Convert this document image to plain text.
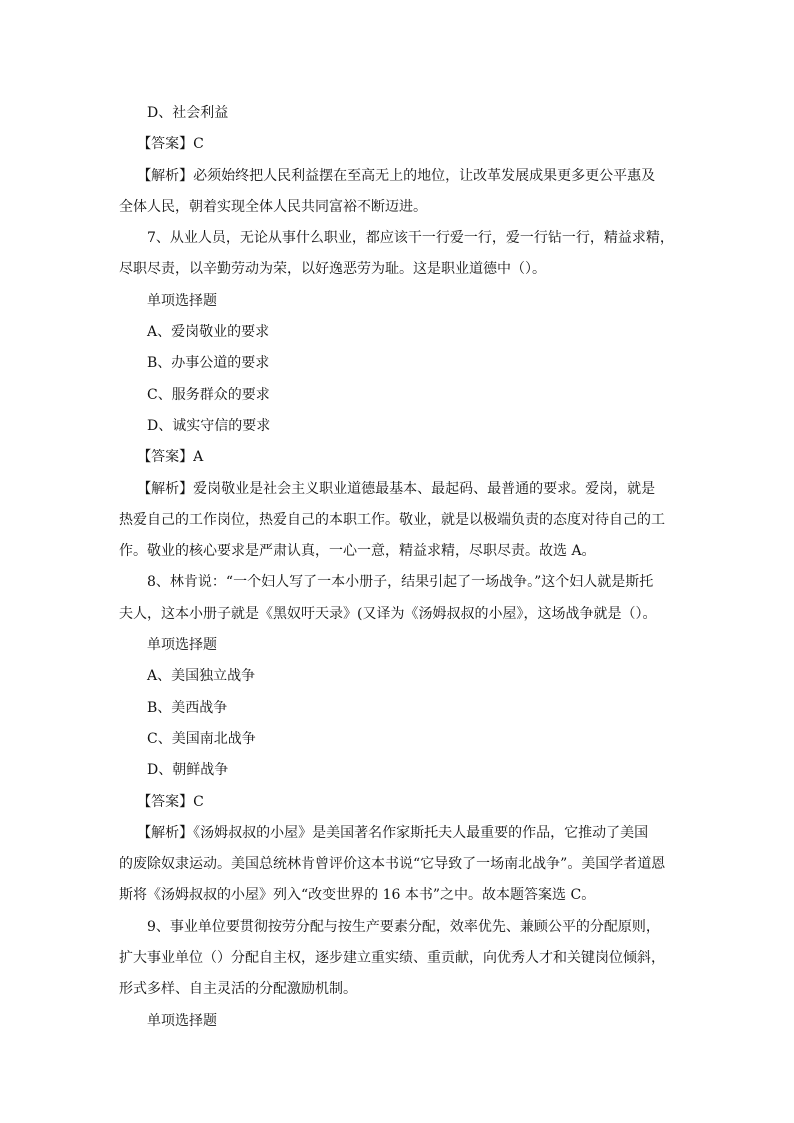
D、社会利益
【答案】C
【解析】必须始终把人民利益摆在至高无上的地位，让改革发展成果更多更公平惠及
全体人民，朝着实现全体人民共同富裕不断迈进。
7、从业人员，无论从事什么职业，都应该干一行爱一行，爱一行钻一行，精益求精，
尽职尽责，以辛勤劳动为荣，以好逸恶劳为耻。这是职业道德中（）。
单项选择题
A、爱岗敬业的要求
B、办事公道的要求
C、服务群众的要求
D、诚实守信的要求
【答案】A
【解析】爱岗敬业是社会主义职业道德最基本、最起码、最普通的要求。爱岗，就是
热爱自己的工作岗位，热爱自己的本职工作。敬业，就是以极端负责的态度对待自己的工
作。敬业的核心要求是严肃认真，一心一意，精益求精，尽职尽责。故选 A。
8、林肯说：“一个妇人写了一本小册子，结果引起了一场战争。”这个妇人就是斯托
夫人，这本小册子就是《黑奴吁天录》(又译为《汤姆叔叔的小屋》，这场战争就是（）。
单项选择题
A、美国独立战争
B、美西战争
C、美国南北战争
D、朝鲜战争
【答案】C
【解析】《汤姆叔叔的小屋》是美国著名作家斯托夫人最重要的作品，它推动了美国
的废除奴隶运动。美国总统林肯曾评价这本书说“它导致了一场南北战争”。美国学者道恩
斯将《汤姆叔叔的小屋》列入“改变世界的 16 本书”之中。故本题答案选 C。
9、事业单位要贯彻按劳分配与按生产要素分配，效率优先、兼顾公平的分配原则，
扩大事业单位（）分配自主权，逐步建立重实绩、重贡献，向优秀人才和关键岗位倾斜，
形式多样、自主灵活的分配激励机制。
单项选择题
